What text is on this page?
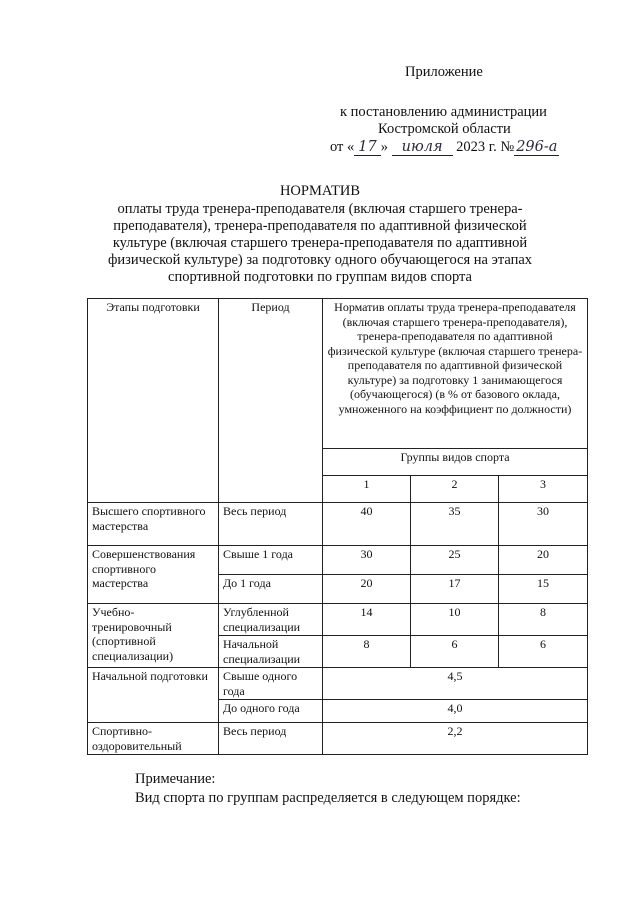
Приложение
к постановлению администрации
Костромской области
от « 17 » июля 2023 г. № 296-а
НОРМАТИВ
оплаты труда тренера-преподавателя (включая старшего тренера-
преподавателя), тренера-преподавателя по адаптивной физической
культуре (включая старшего тренера-преподавателя по адаптивной
физической культуре) за подготовку одного обучающегося на этапах
спортивной подготовки по группам видов спорта
Этапы подготовки	Период	Норматив оплаты труда тренера-преподавателя (включая старшего тренера-преподавателя), тренера-преподавателя по адаптивной физической культуре (включая старшего тренера-преподавателя по адаптивной физической культуре) за подготовку 1 занимающегося (обучающегося) (в % от базового оклада, умноженного на коэффициент по должности)		
		Группы видов спорта		
		1	2	3
Высшего спортивного мастерства	Весь период	40	35	30
Совершенствования спортивного мастерства	Свыше 1 года	30	25	20
	До 1 года	20	17	15
Учебно-тренировочный (спортивной специализации)	Углубленной специализации	14	10	8
	Начальной специализации	8	6	6
Начальной подготовки	Свыше одного года	4,5		
	До одного года	4,0		
Спортивно-оздоровительный	Весь период	2,2		
Примечание:
Вид спорта по группам распределяется в следующем порядке:
